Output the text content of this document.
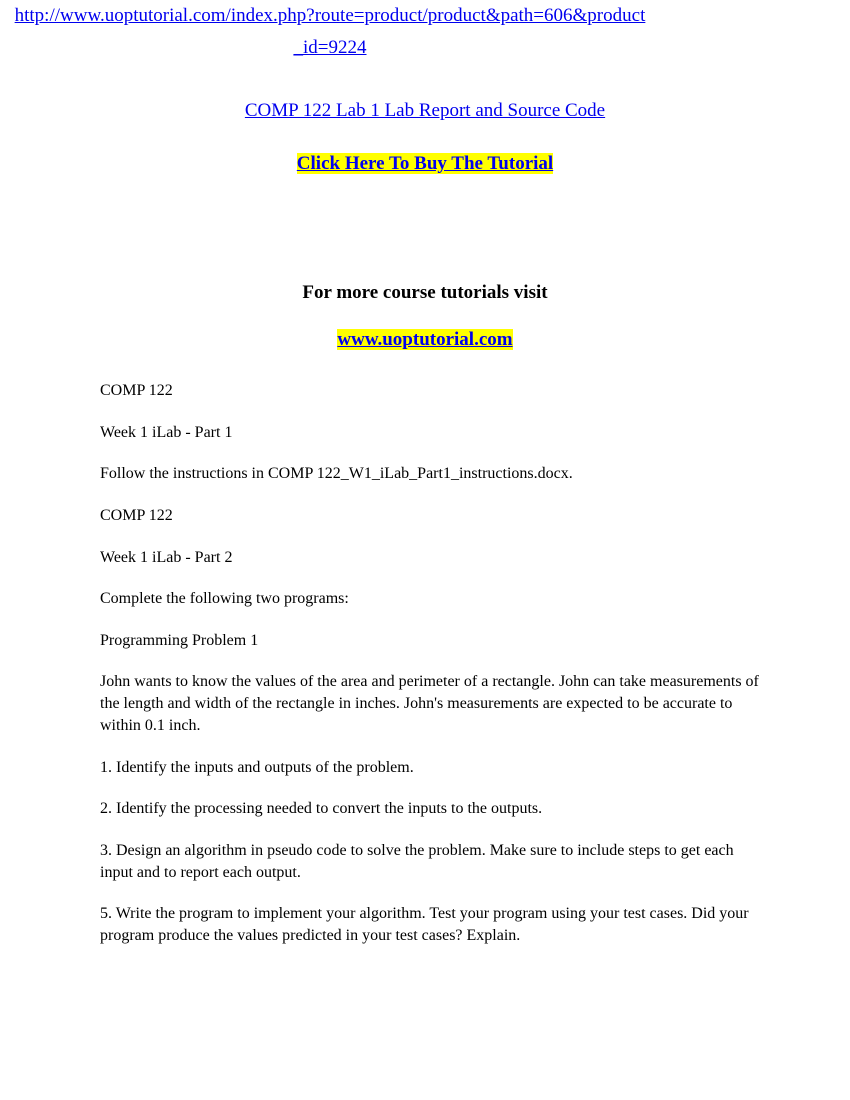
COMP 122 Lab 1 Lab Report and Source Code
Click Here To Buy The Tutorial
http://www.uoptutorial.com/index.php?route=product/product&path=606&product
_id=9224
For more course tutorials visit
www.uoptutorial.com

COMP 122

Week 1 iLab - Part 1

Follow the instructions in COMP 122_W1_iLab_Part1_instructions.docx.

COMP 122

Week 1 iLab - Part 2

Complete the following two programs:

Programming Problem 1

John wants to know the values of the area and perimeter of a rectangle. John can take measurements of the length and width of the rectangle in inches. John's measurements are expected to be accurate to within 0.1 inch.

1. Identify the inputs and outputs of the problem.

2. Identify the processing needed to convert the inputs to the outputs.

3. Design an algorithm in pseudo code to solve the problem. Make sure to include steps to get each input and to report each output.

5. Write the program to implement your algorithm. Test your program using your test cases. Did your program produce the values predicted in your test cases? Explain.
